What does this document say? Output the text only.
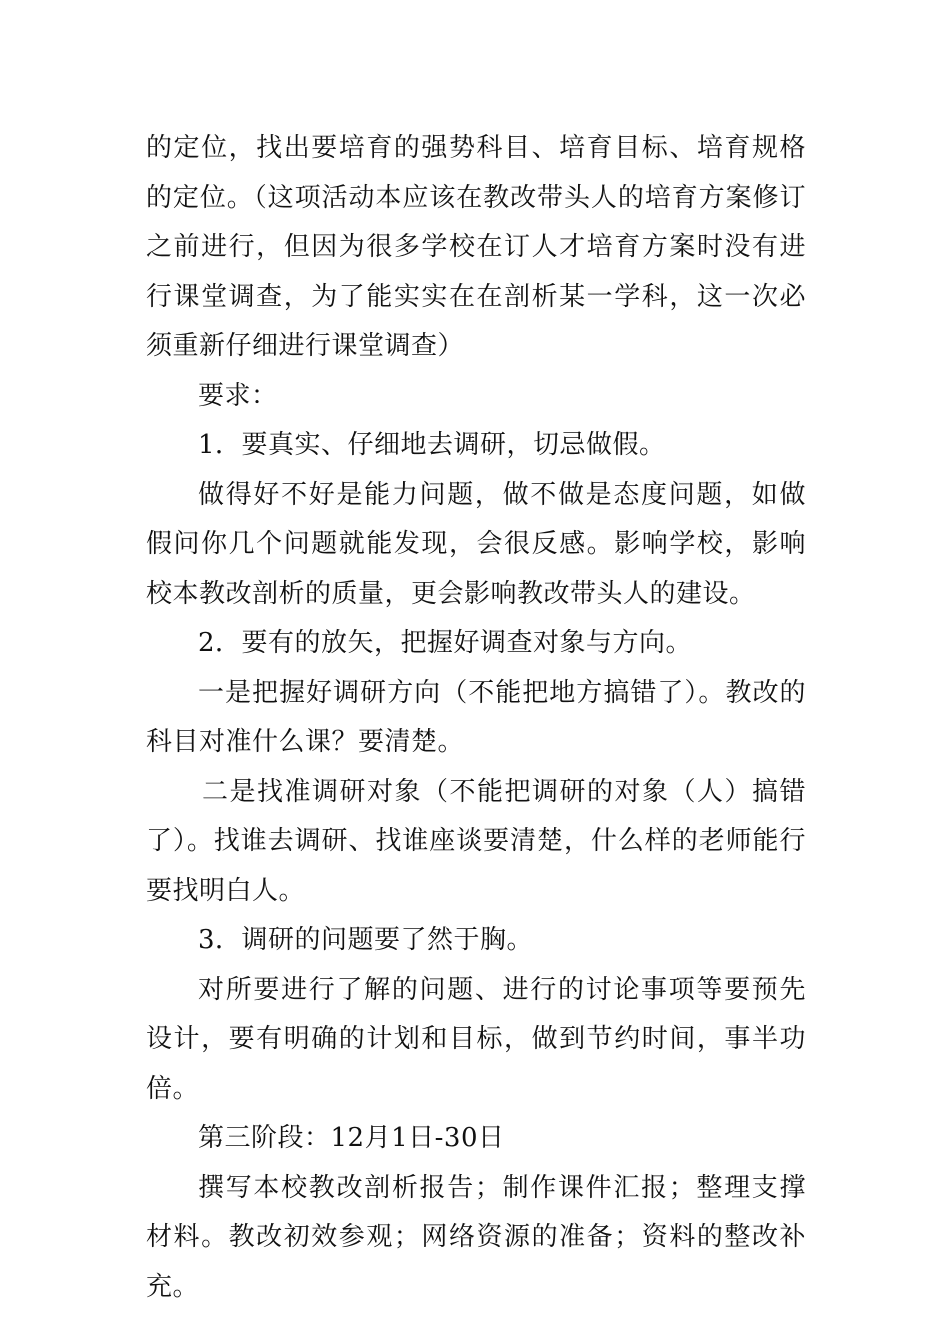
的定位，找出要培育的强势科目、培育目标、培育规格的定位。（这项活动本应该在教改带头人的培育方案修订之前进行，但因为很多学校在订人才培育方案时没有进行课堂调查，为了能实实在在剖析某一学科，这一次必须重新仔细进行课堂调查）

要求：

1．要真实、仔细地去调研，切忌做假。

做得好不好是能力问题，做不做是态度问题，如做假问你几个问题就能发现，会很反感。影响学校，影响校本教改剖析的质量，更会影响教改带头人的建设。

2．要有的放矢，把握好调查对象与方向。

一是把握好调研方向（不能把地方搞错了）。教改的科目对准什么课？要清楚。

二是找准调研对象（不能把调研的对象（人）搞错了）。找谁去调研、找谁座谈要清楚，什么样的老师能行要找明白人。

3．调研的问题要了然于胸。

对所要进行了解的问题、进行的讨论事项等要预先设计，要有明确的计划和目标，做到节约时间，事半功倍。

第三阶段：12月1日-30日

撰写本校教改剖析报告；制作课件汇报；整理支撑材料。教改初效参观；网络资源的准备；资料的整改补充。
